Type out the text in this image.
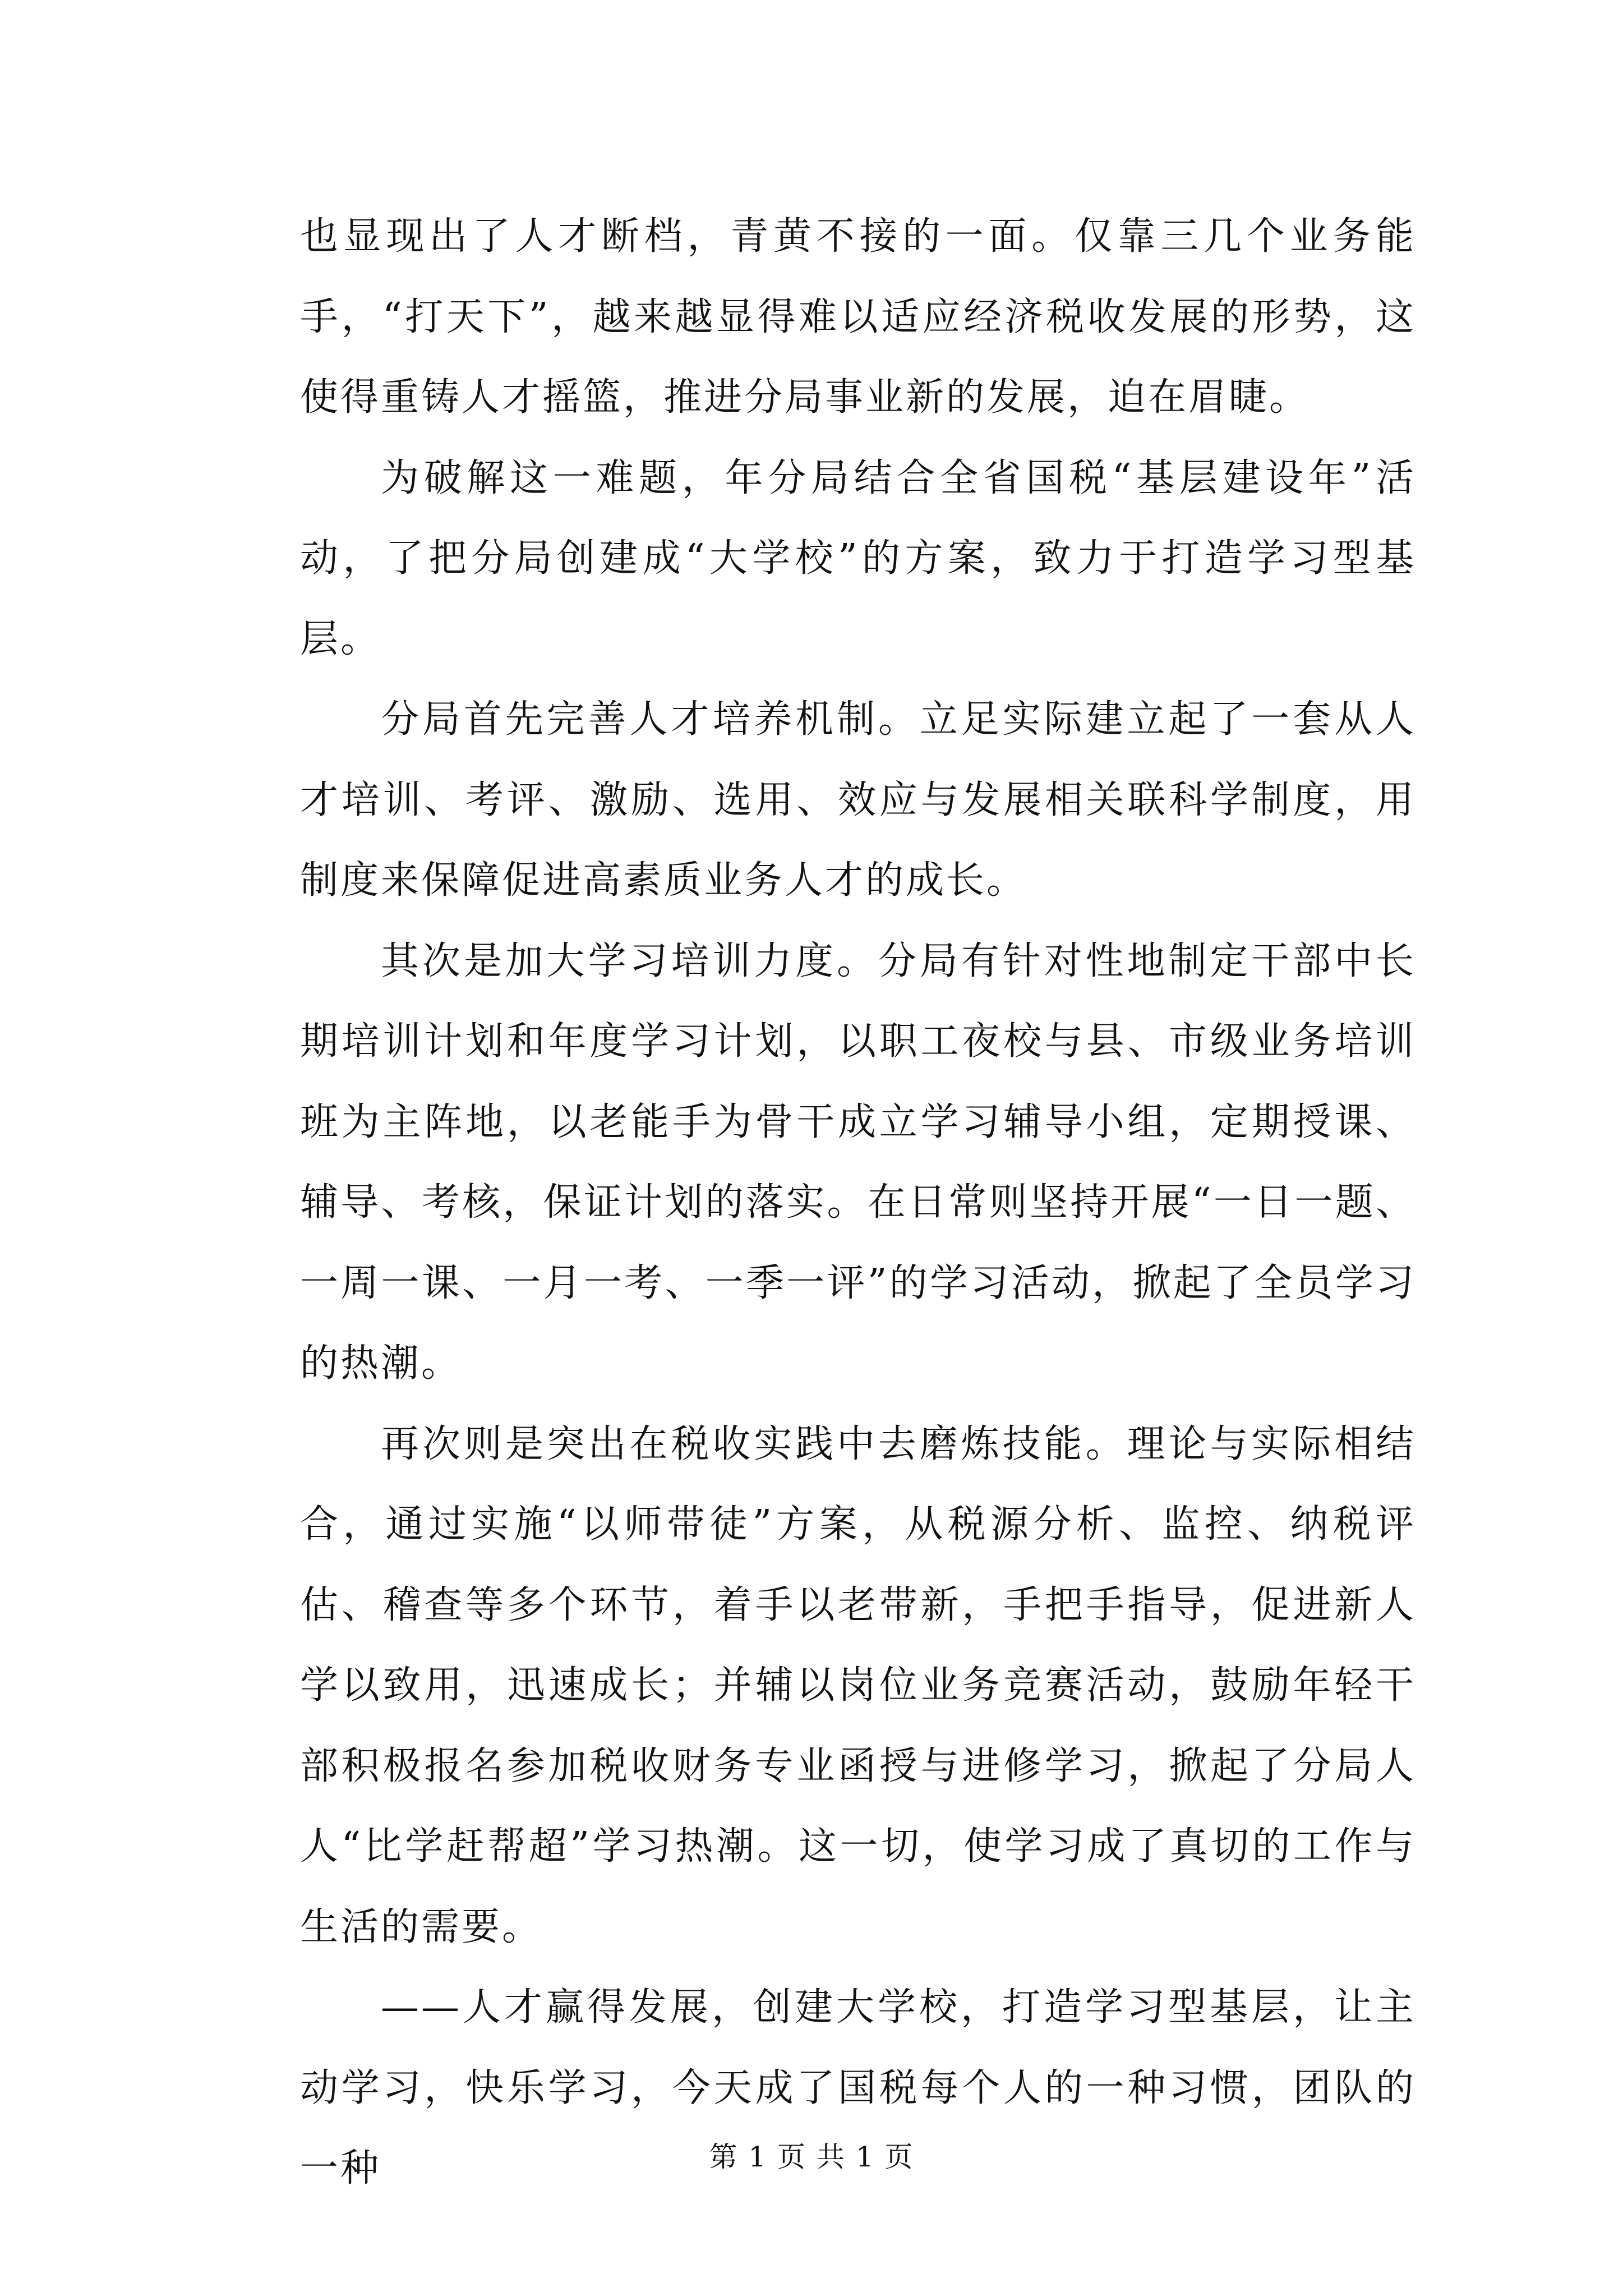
也显现出了人才断档，青黄不接的一面。仅靠三几个业务能手，“打天下”，越来越显得难以适应经济税收发展的形势，这使得重铸人才摇篮，推进分局事业新的发展，迫在眉睫。

为破解这一难题，年分局结合全省国税“基层建设年”活动，了把分局创建成“大学校”的方案，致力于打造学习型基层。

分局首先完善人才培养机制。立足实际建立起了一套从人才培训、考评、激励、选用、效应与发展相关联科学制度，用制度来保障促进高素质业务人才的成长。

其次是加大学习培训力度。分局有针对性地制定干部中长期培训计划和年度学习计划，以职工夜校与县、市级业务培训班为主阵地，以老能手为骨干成立学习辅导小组，定期授课、辅导、考核，保证计划的落实。在日常则坚持开展“一日一题、一周一课、一月一考、一季一评”的学习活动，掀起了全员学习的热潮。

再次则是突出在税收实践中去磨炼技能。理论与实际相结合，通过实施“以师带徒”方案，从税源分析、监控、纳税评估、稽查等多个环节，着手以老带新，手把手指导，促进新人学以致用，迅速成长；并辅以岗位业务竞赛活动，鼓励年轻干部积极报名参加税收财务专业函授与进修学习，掀起了分局人人“比学赶帮超”学习热潮。这一切，使学习成了真切的工作与生活的需要。

——人才赢得发展，创建大学校，打造学习型基层，让主动学习，快乐学习，今天成了国税每个人的一种习惯，团队的一种	第 1 页 共 1 页
